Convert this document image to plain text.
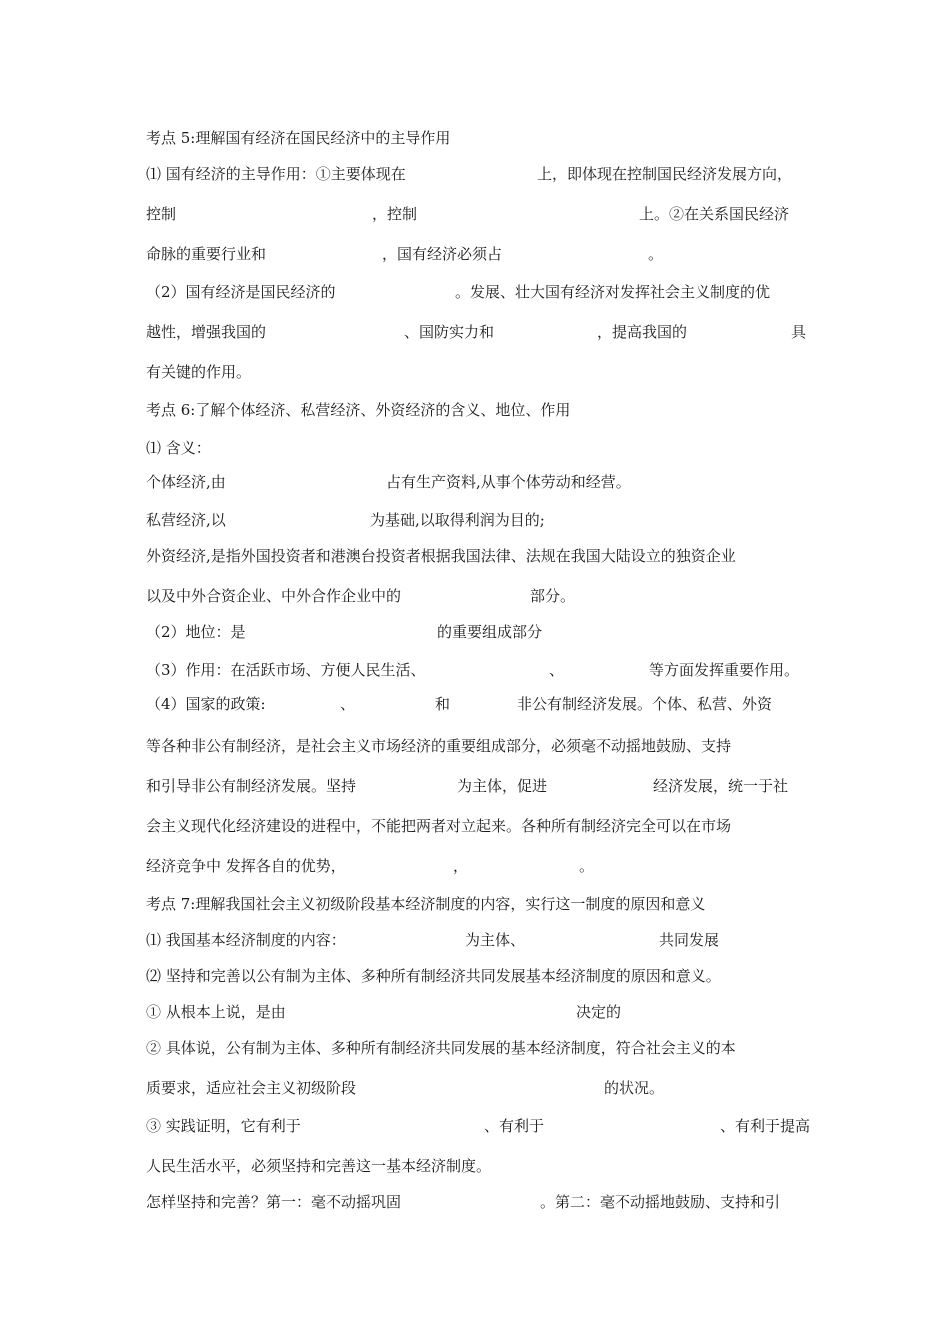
考点 5:理解国有经济在国民经济中的主导作用
⑴ 国有经济的主导作用：①主要体现在	上，即体现在控制国民经济发展方向，
控制	，控制	上。②在关系国民经济
命脉的重要行业和	，国有经济必须占	。
（2）国有经济是国民经济的	。发展、壮大国有经济对发挥社会主义制度的优
越性，增强我国的	、国防实力和	，提高我国的	具
有关键的作用。
考点 6:了解个体经济、私营经济、外资经济的含义、地位、作用
⑴ 含义：
个体经济,由	占有生产资料,从事个体劳动和经营。
私营经济,以	为基础,以取得利润为目的;
外资经济,是指外国投资者和港澳台投资者根据我国法律、法规在我国大陆设立的独资企业
以及中外合资企业、中外合作企业中的	部分。
（2）地位：是	的重要组成部分
（3）作用：在活跃市场、方便人民生活、	、	等方面发挥重要作用。
（4）国家的政策:	、	和	非公有制经济发展。个体、私营、外资
等各种非公有制经济，是社会主义市场经济的重要组成部分，必须毫不动摇地鼓励、支持
和引导非公有制经济发展。坚持	为主体，促进	经济发展，统一于社
会主义现代化经济建设的进程中，不能把两者对立起来。各种所有制经济完全可以在市场
经济竞争中 发挥各自的优势，	，	。
考点 7:理解我国社会主义初级阶段基本经济制度的内容，实行这一制度的原因和意义
⑴ 我国基本经济制度的内容：	为主体、	共同发展
⑵ 坚持和完善以公有制为主体、多种所有制经济共同发展基本经济制度的原因和意义。
① 从根本上说，是由	决定的
② 具体说，公有制为主体、多种所有制经济共同发展的基本经济制度，符合社会主义的本
质要求，适应社会主义初级阶段	的状况。
③ 实践证明，它有利于	、有利于	、有利于提高
人民生活水平，必须坚持和完善这一基本经济制度。
怎样坚持和完善？第一：毫不动摇巩固	。第二：毫不动摇地鼓励、支持和引
